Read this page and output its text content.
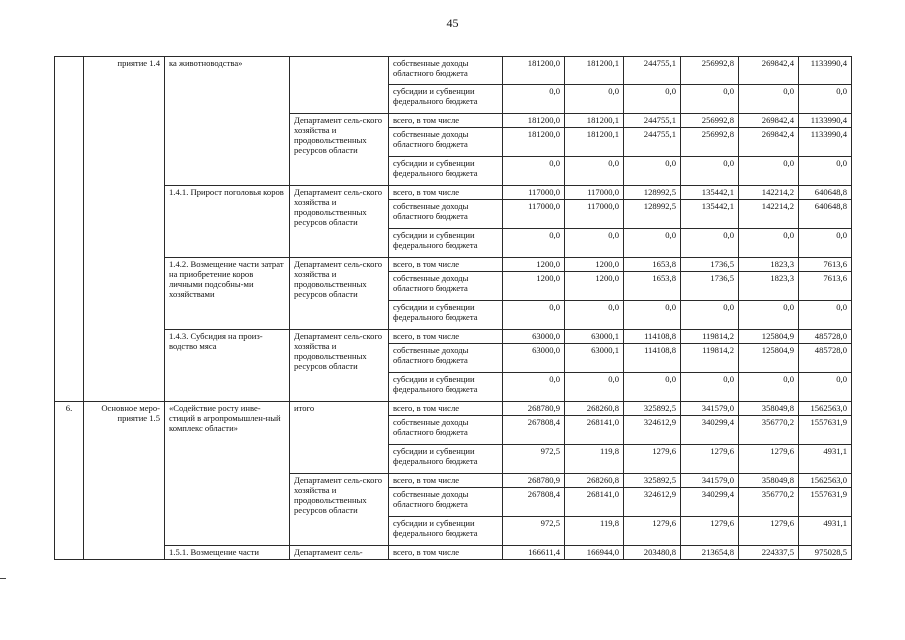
45
	приятие 1.4	ка животноводства»		собственные доходы областного бюджета	181200,0	181200,1	244755,1	256992,8	269842,4	1133990,4
				субсидии и субвенции федерального бюджета	0,0	0,0	0,0	0,0	0,0	0,0
			Департамент сель-ского хозяйства и продовольственных ресурсов области	всего, в том числе	181200,0	181200,1	244755,1	256992,8	269842,4	1133990,4
				собственные доходы областного бюджета	181200,0	181200,1	244755,1	256992,8	269842,4	1133990,4
				субсидии и субвенции федерального бюджета	0,0	0,0	0,0	0,0	0,0	0,0
		1.4.1. Прирост поголовья коров	Департамент сель-ского хозяйства и продовольственных ресурсов области	всего, в том числе	117000,0	117000,0	128992,5	135442,1	142214,2	640648,8
				собственные доходы областного бюджета	117000,0	117000,0	128992,5	135442,1	142214,2	640648,8
				субсидии и субвенции федерального бюджета	0,0	0,0	0,0	0,0	0,0	0,0
		1.4.2. Возмещение части затрат на приобретение коров личными подсобны-ми хозяйствами	Департамент сель-ского хозяйства и продовольственных ресурсов области	всего, в том числе	1200,0	1200,0	1653,8	1736,5	1823,3	7613,6
				собственные доходы областного бюджета	1200,0	1200,0	1653,8	1736,5	1823,3	7613,6
				субсидии и субвенции федерального бюджета	0,0	0,0	0,0	0,0	0,0	0,0
		1.4.3. Субсидия на произ-водство мяса	Департамент сель-ского хозяйства и продовольственных ресурсов области	всего, в том числе	63000,0	63000,1	114108,8	119814,2	125804,9	485728,0
				собственные доходы областного бюджета	63000,0	63000,1	114108,8	119814,2	125804,9	485728,0
				субсидии и субвенции федерального бюджета	0,0	0,0	0,0	0,0	0,0	0,0
6.	Основное меро-приятие 1.5	«Содействие росту инве-стиций в агропромышлен-ный комплекс области»	итого	всего, в том числе	268780,9	268260,8	325892,5	341579,0	358049,8	1562563,0
				собственные доходы областного бюджета	267808,4	268141,0	324612,9	340299,4	356770,2	1557631,9
				субсидии и субвенции федерального бюджета	972,5	119,8	1279,6	1279,6	1279,6	4931,1
			Департамент сель-ского хозяйства и продовольственных ресурсов области	всего, в том числе	268780,9	268260,8	325892,5	341579,0	358049,8	1562563,0
				собственные доходы областного бюджета	267808,4	268141,0	324612,9	340299,4	356770,2	1557631,9
				субсидии и субвенции федерального бюджета	972,5	119,8	1279,6	1279,6	1279,6	4931,1
		1.5.1. Возмещение части	Департамент сель-	всего, в том числе	166611,4	166944,0	203480,8	213654,8	224337,5	975028,5
